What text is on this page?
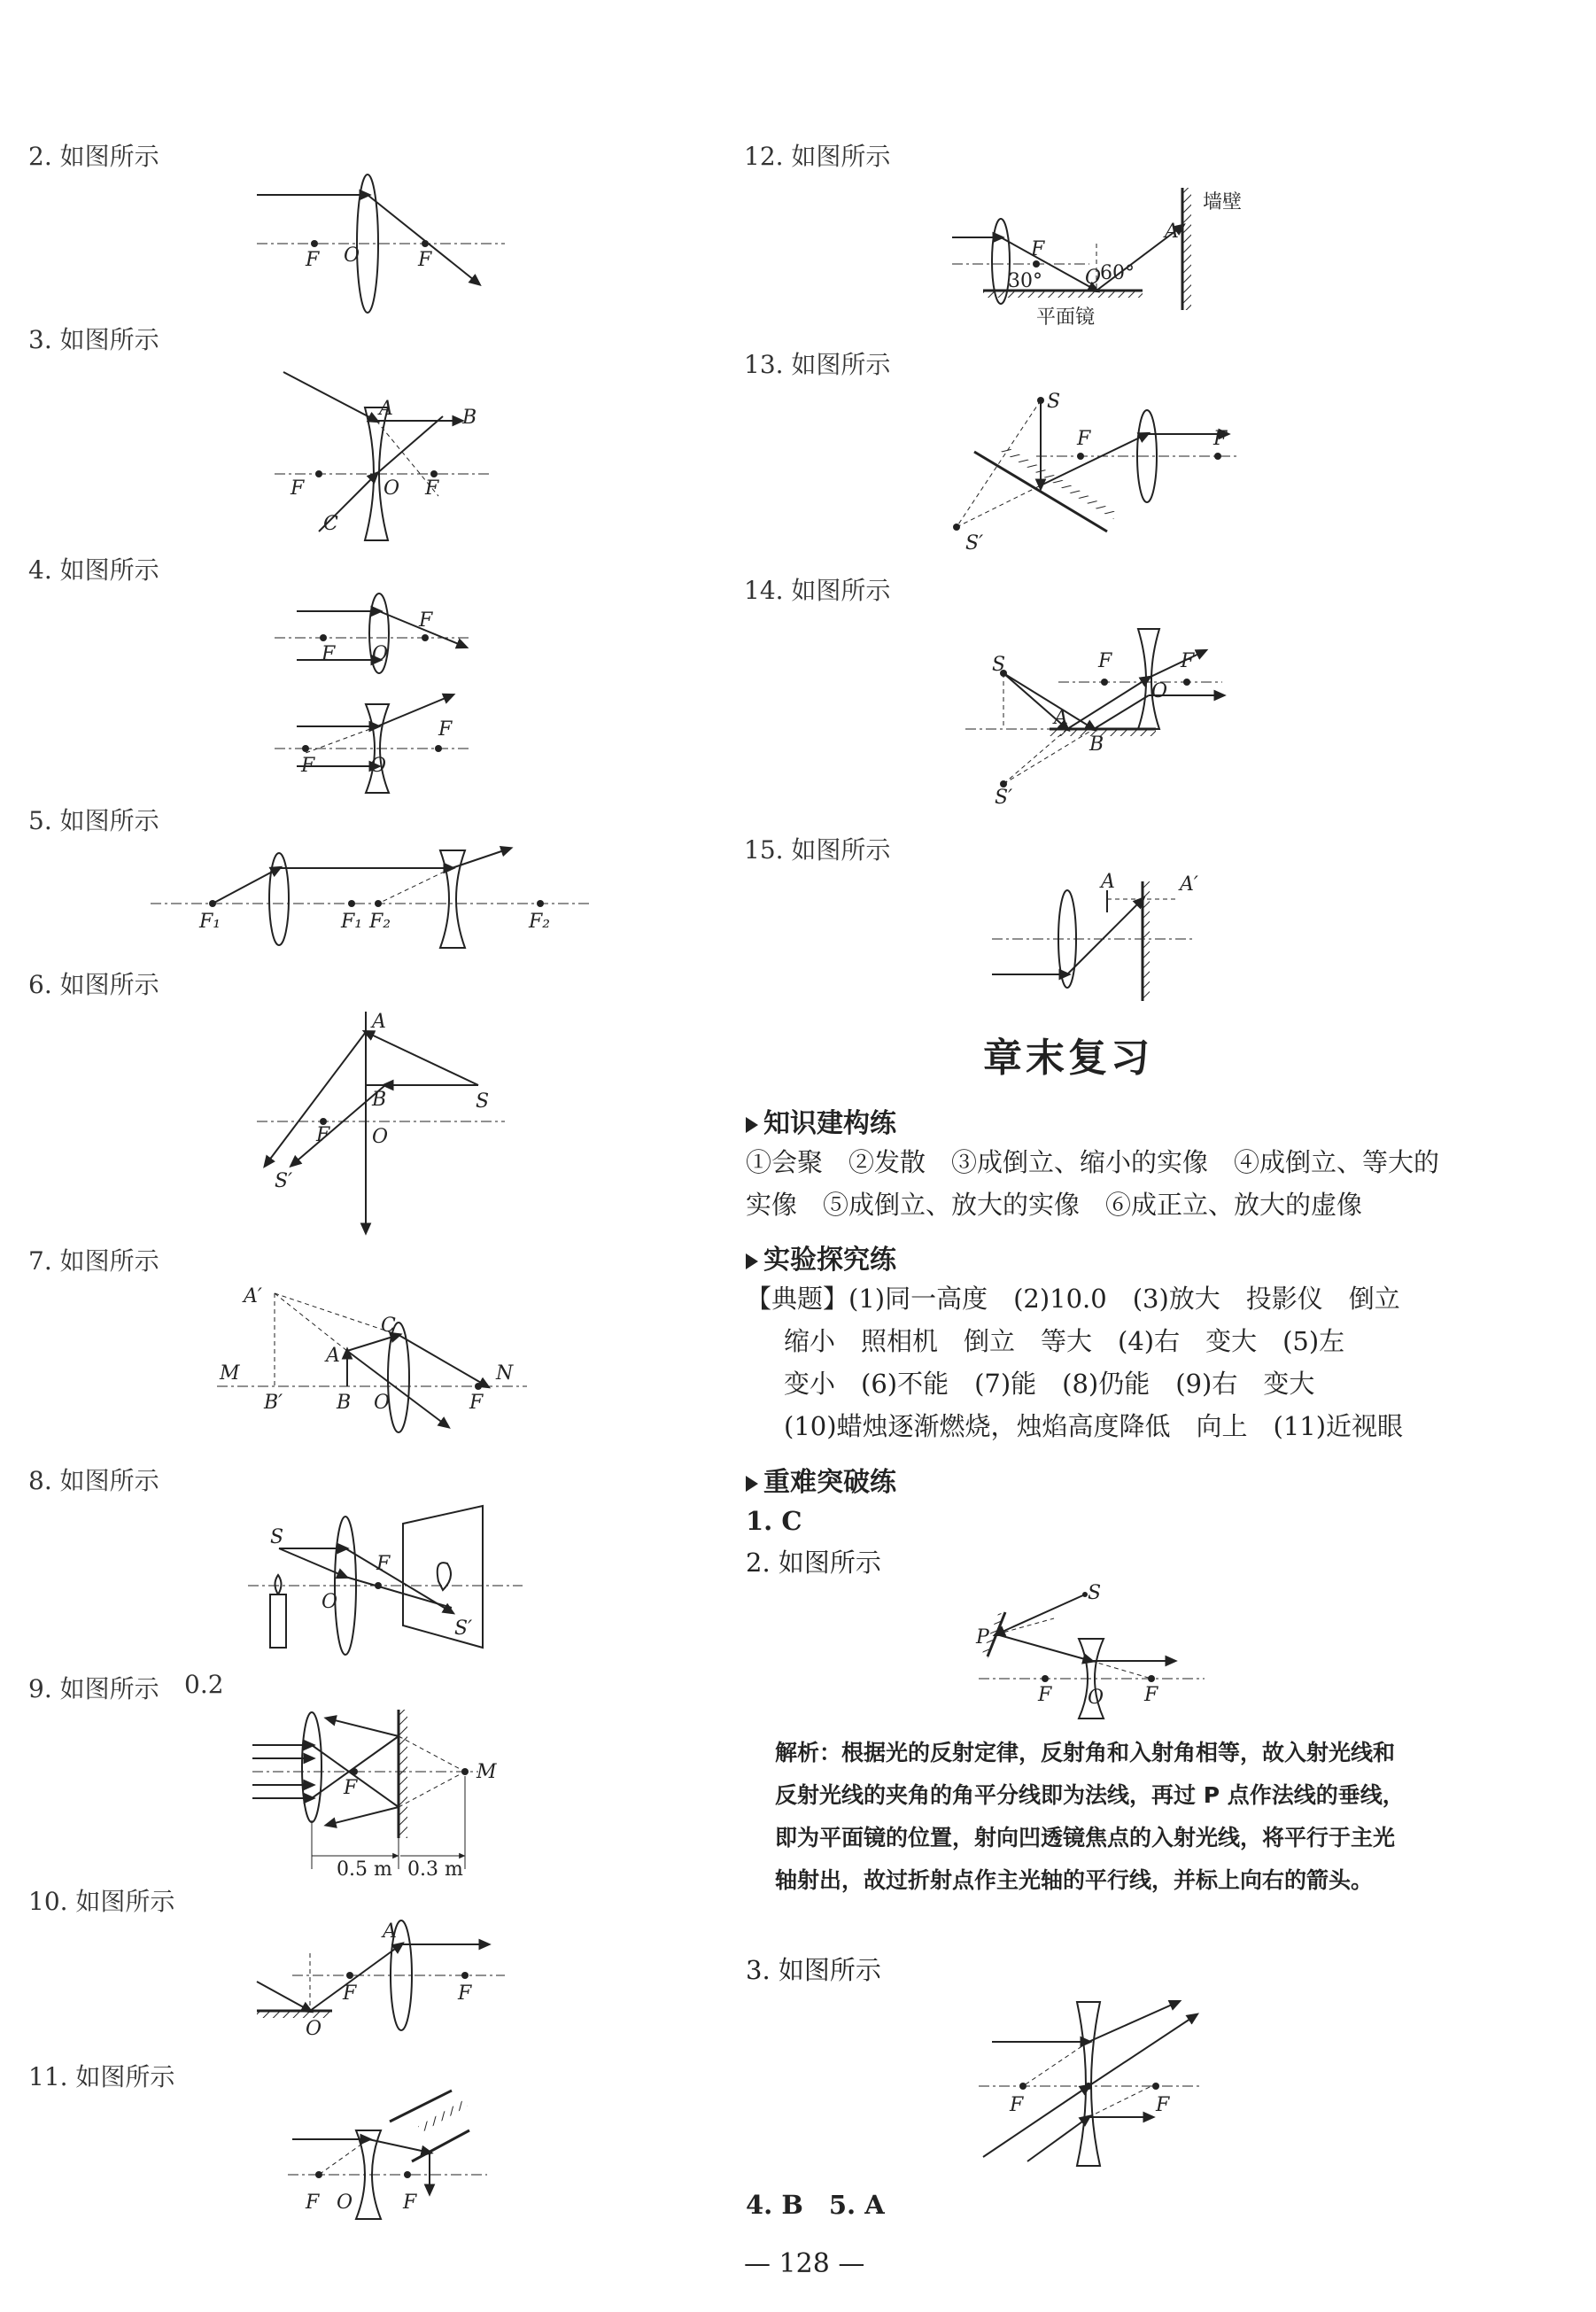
2. 如图所示
F O	F
3. 如图所示
A	B
F	O F
C
4. 如图所示
F
F O
F
F	O
5. 如图所示
F₁	F₁ F₂	F₂
6. 如图所示
A
B	S
O
F
S′
7. 如图所示
A′
C
A
M
B′	B O	F
N
8. 如图所示
S
F
O
S′
9. 如图所示 0.2
F
M
0.5 m 0.3 m
10. 如图所示
A
F
O
F
11. 如图所示
F O	F
12. 如图所示
墙壁
A
F
30° O
60°
平面镜
13. 如图所示
S
F	F
S′
14. 如图所示
S	F	F
O
A
B
S′
15. 如图所示
A	A′
章末复习
知识建构练
①会聚　②发散　③成倒立、缩小的实像　④成倒立、等大的
实像　⑤成倒立、放大的实像　⑥成正立、放大的虚像
实验探究练
【典题】(1)同一高度　(2)10.0　(3)放大　投影仪　倒立
缩小　照相机　倒立　等大　(4)右　变大　(5)左
变小　(6)不能　(7)能　(8)仍能　(9)右　变大
(10)蜡烛逐渐燃烧，烛焰高度降低　向上　(11)近视眼
重难突破练
1. C
2. 如图所示
S
P
F O F
解析：根据光的反射定律，反射角和入射角相等，故入射光线和反射光线的夹角的角平分线即为法线，再过 P 点作法线的垂线，即为平面镜的位置，射向凹透镜焦点的入射光线，将平行于主光轴射出，故过折射点作主光轴的平行线，并标上向右的箭头。
3. 如图所示
F	F
4. B　5. A
— 128 —
